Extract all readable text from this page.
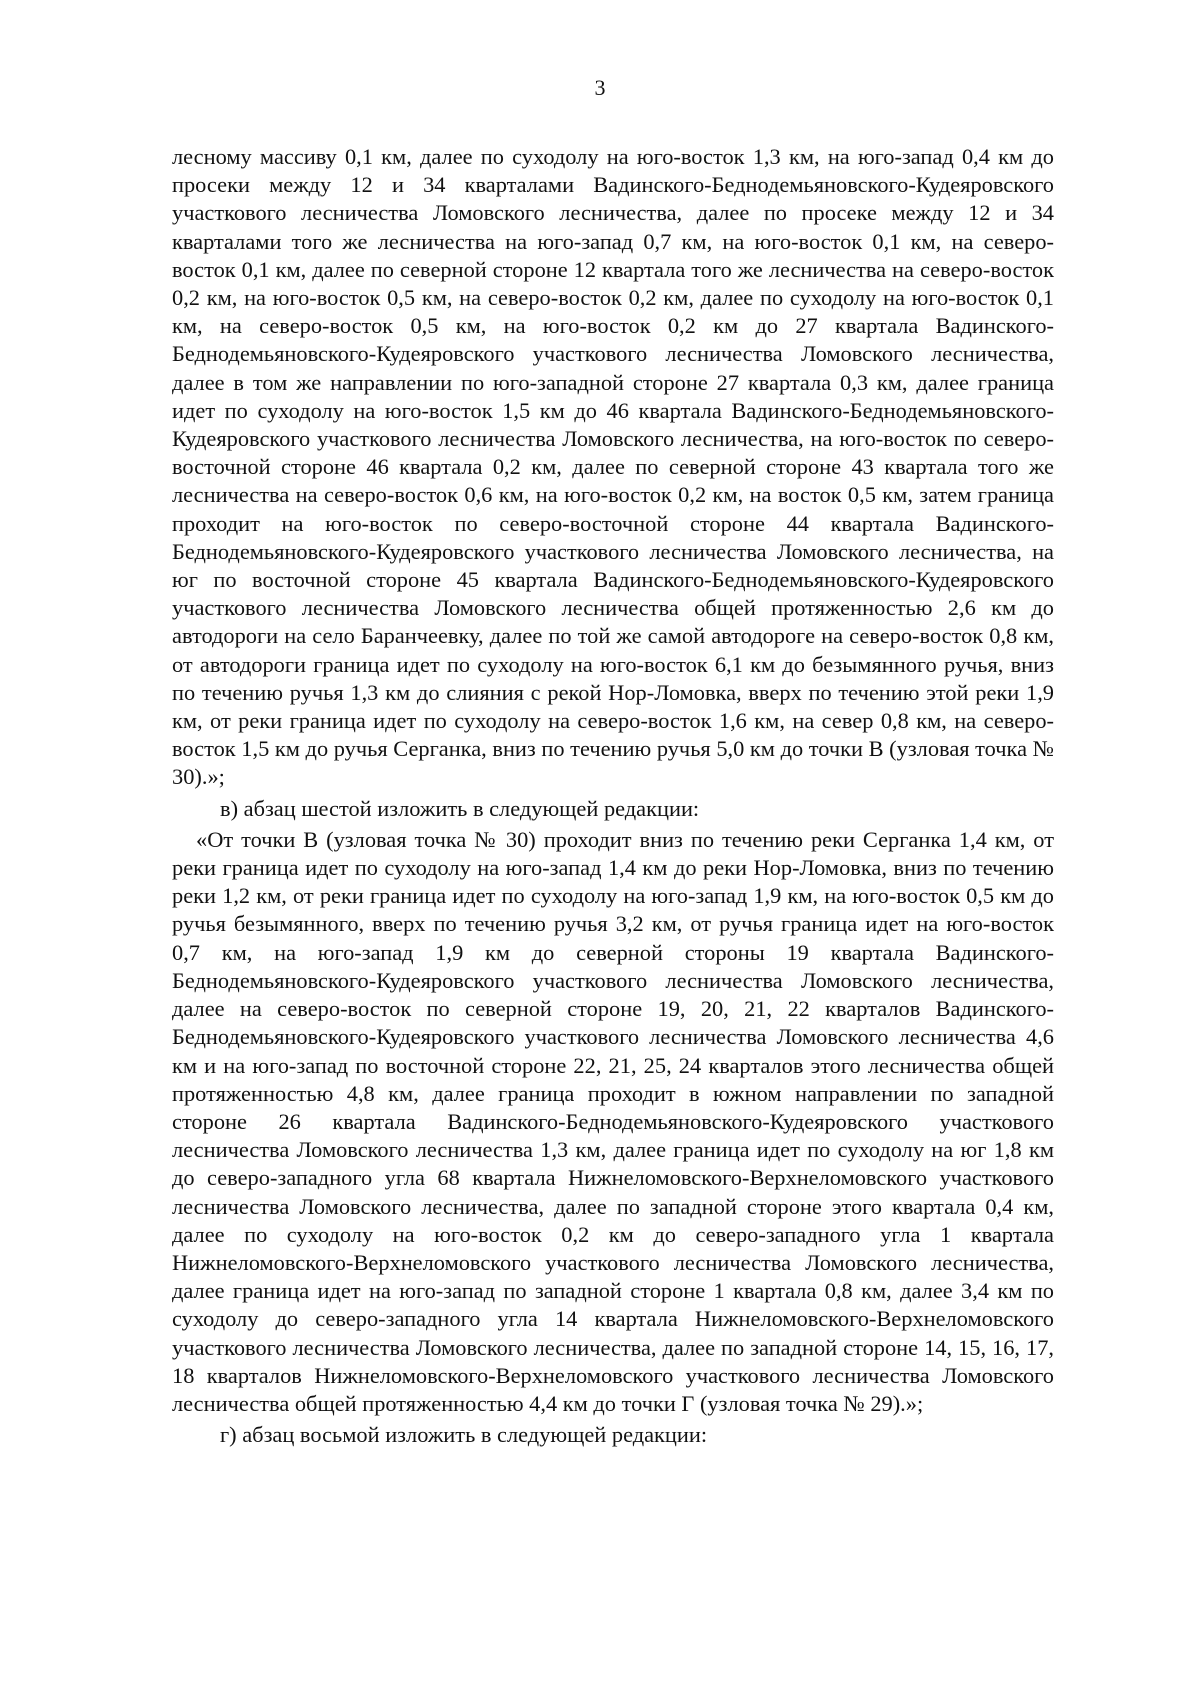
3

лесному массиву 0,1 км, далее по суходолу на юго-восток 1,3 км, на юго-запад 0,4 км до просеки между 12 и 34 кварталами Вадинского-Беднодемьяновского-Кудеяровского участкового лесничества Ломовского лесничества, далее по просеке между 12 и 34 кварталами того же лесничества на юго-запад 0,7 км, на юго-восток 0,1 км, на северо-восток 0,1 км, далее по северной стороне 12 квартала того же лесничества на северо-восток 0,2 км, на юго-восток 0,5 км, на северо-восток 0,2 км, далее по суходолу на юго-восток 0,1 км, на северо-восток 0,5 км, на юго-восток 0,2 км до 27 квартала Вадинского-Беднодемьяновского-Кудеяровского участкового лесничества Ломовского лесничества, далее в том же направлении по юго-западной стороне 27 квартала 0,3 км, далее граница идет по суходолу на юго-восток 1,5 км до 46 квартала Вадинского-Беднодемьяновского-Кудеяровского участкового лесничества Ломовского лесничества, на юго-восток по северо-восточной стороне 46 квартала 0,2 км, далее по северной стороне 43 квартала того же лесничества на северо-восток 0,6 км, на юго-восток 0,2 км, на восток 0,5 км, затем граница проходит на юго-восток по северо-восточной стороне 44 квартала Вадинского-Беднодемьяновского-Кудеяровского участкового лесничества Ломовского лесничества, на юг по восточной стороне 45 квартала Вадинского-Беднодемьяновского-Кудеяровского участкового лесничества Ломовского лесничества общей протяженностью 2,6 км до автодороги на село Баранчеевку, далее по той же самой автодороге на северо-восток 0,8 км, от автодороги граница идет по суходолу на юго-восток 6,1 км до безымянного ручья, вниз по течению ручья 1,3 км до слияния с рекой Нор-Ломовка, вверх по течению этой реки 1,9 км, от реки граница идет по суходолу на северо-восток 1,6 км, на север 0,8 км, на северо-восток 1,5 км до ручья Серганка, вниз по течению ручья 5,0 км до точки В (узловая точка № 30).»;

в) абзац шестой изложить в следующей редакции:

«От точки В (узловая точка № 30) проходит вниз по течению реки Серганка 1,4 км, от реки граница идет по суходолу на юго-запад 1,4 км до реки Нор-Ломовка, вниз по течению реки 1,2 км, от реки граница идет по суходолу на юго-запад 1,9 км, на юго-восток 0,5 км до ручья безымянного, вверх по течению ручья 3,2 км, от ручья граница идет на юго-восток 0,7 км, на юго-запад 1,9 км до северной стороны 19 квартала Вадинского-Беднодемьяновского-Кудеяровского участкового лесничества Ломовского лесничества, далее на северо-восток по северной стороне 19, 20, 21, 22 кварталов Вадинского-Беднодемьяновского-Кудеяровского участкового лесничества Ломовского лесничества 4,6 км и на юго-запад по восточной стороне 22, 21, 25, 24 кварталов этого лесничества общей протяженностью 4,8 км, далее граница проходит в южном направлении по западной стороне 26 квартала Вадинского-Беднодемьяновского-Кудеяровского участкового лесничества Ломовского лесничества 1,3 км, далее граница идет по суходолу на юг 1,8 км до северо-западного угла 68 квартала Нижнеломовского-Верхнеломовского участкового лесничества Ломовского лесничества, далее по западной стороне этого квартала 0,4 км, далее по суходолу на юго-восток 0,2 км до северо-западного угла 1 квартала Нижнеломовского-Верхнеломовского участкового лесничества Ломовского лесничества, далее граница идет на юго-запад по западной стороне 1 квартала 0,8 км, далее 3,4 км по суходолу до северо-западного угла 14 квартала Нижнеломовского-Верхнеломовского участкового лесничества Ломовского лесничества, далее по западной стороне 14, 15, 16, 17, 18 кварталов Нижнеломовского-Верхнеломовского участкового лесничества Ломовского лесничества общей протяженностью 4,4 км до точки Г (узловая точка № 29).»;

г) абзац восьмой изложить в следующей редакции:
